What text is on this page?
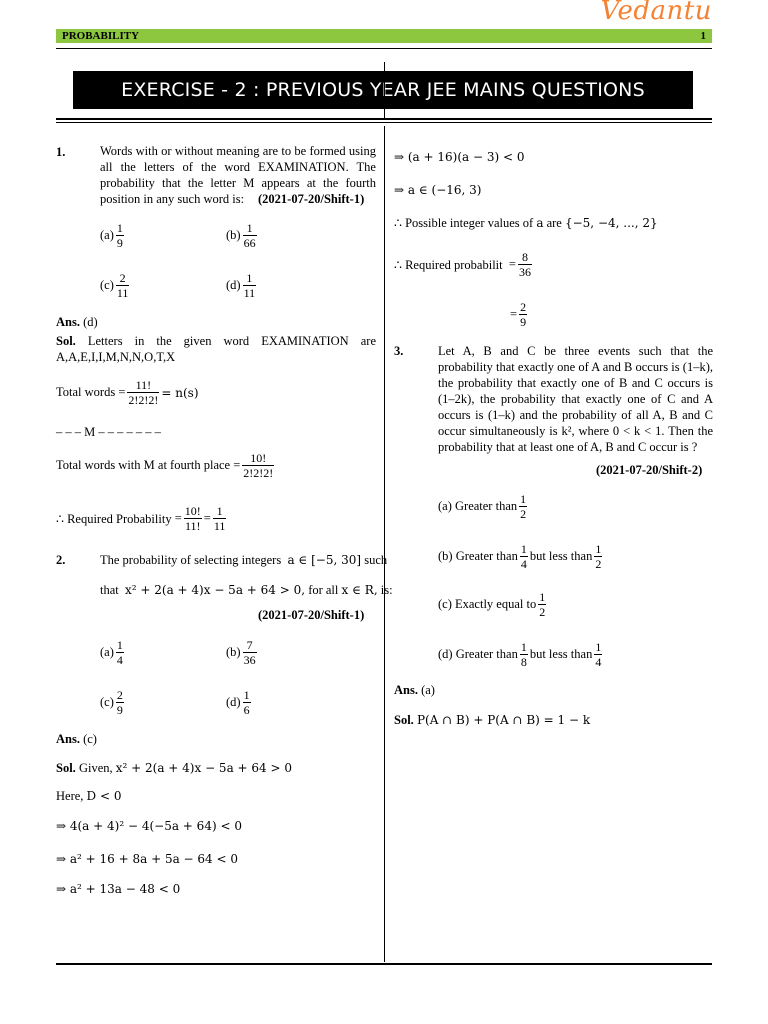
Vedantu
PROBABILITY	1
EXERCISE - 2 : PREVIOUS YEAR JEE MAINS QUESTIONS
1.	Words with or without meaning are to be formed using all the letters of the word EXAMINATION. The probability that the letter M appears at the fourth position in any such word is:	(2021-07-20/Shift-1)
(a) 1
9
(b) 1
66
(c) 2
11
(d) 1
11
Ans. (d)
Sol. Letters in the given word EXAMINATION are A,A,E,I,I,M,N,N,O,T,X
Total words = $\frac{11!}{2!2!2!} = n(s)$
– – – M – – – – – – –
Total words with M at fourth place = 10!
2!2!2!
∴ Required Probability = 10!
11!
= 1
11
2.	The probability of selecting integers a ∈ [−5, 30] such
that x² + 2(a + 4)x − 5a + 64 > 0, for all x ∈ R, is:
(2021-07-20/Shift-1)
(a) 1
4
(b) 7
36
(c) 2
9
(d) 1
6
Ans. (c)
Sol. Given, x² + 2(a + 4)x − 5a + 64 > 0
Here, D < 0
⇒ 4(a + 4)² − 4(−5a + 64) < 0
⇒ a² + 16 + 8a + 5a − 64 < 0
⇒ a² + 13a − 48 < 0
⇒ (a + 16)(a − 3) < 0
⇒ a ∈ (−16, 3)
∴ Possible integer values of a are {−5, −4, ..., 2}
∴ Required probabilit = 8
36
= 2
9
3.	Let A, B and C be three events such that the probability that exactly one of A and B occurs is (1–k), the probability that exactly one of B and C occurs is (1–2k), the probability that exactly one of C and A occurs is (1–k) and the probability of all A, B and C occur simultaneously is k², where 0 < k < 1. Then the probability that at least one of A, B and C occur is ?
(2021-07-20/Shift-2)
(a) Greater than 1
2
(b) Greater than 1
4
but less than 1
2
(c) Exactly equal to 1
2
(d) Greater than 1
8
but less than 1
4
Ans. (a)
Sol. P(A ∩ B) + P(A ∩ B) = 1 − k
